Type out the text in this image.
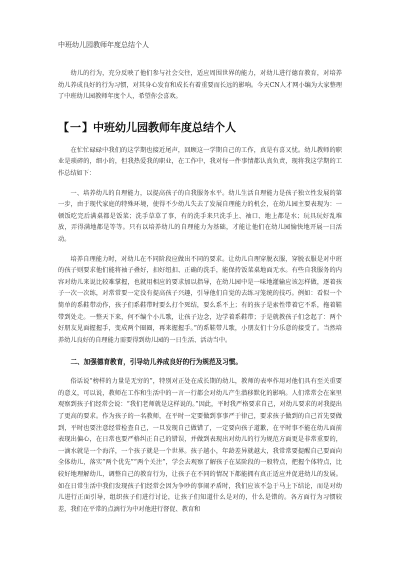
中班幼儿园教师年度总结个人

幼儿的行为，充分反映了他们参与社会交往，适应周围世界的能力，对幼儿进行德育教育，对培养幼儿养成良好的行为习惯，对其身心发育和成长有着重要而长远的影响。今天CN人才网小编为大家整理了中班幼儿园教师年度个人，希望你会喜欢。

【 一 】 中班幼儿园教师年度总结个人

在忙忙碌碌中我们的这学期也接近尾声，回顾这一学期自己的工作，真是有喜又忧。幼儿教师的职业是琐碎的，细小的，但我热爱我的职业，在工作中，我对每一件事情都认真负责，现将我这学期的工作总结如下：

一、培养幼儿的自理能力，以提高孩子的自我服务水平。幼儿生活自理能力是孩子独立性发展的第一步，由于现代家庭的特殊环境，使得不少幼儿失去了发展自理能力的机会，在幼儿园主要表现为：一顿饭吃完后满桌都是饭菜；洗手草草了事，有的洗手来只洗手上、袖口、地上都是水；玩具玩好乱堆放，弄得满地都是等等。只有以培养幼儿的自理能力为基础，才能让他们在幼儿园愉快地开展一日活动。

培养自理能力时，对幼儿在不同阶段应做出不同的要求。让幼儿自理穿脱衣服，穿脱衣服是对中班的孩子则要求他们能将袖子叠好，扣好纽扣、正确的洗手，能保持饭菜桌地面无水。有些自我服务的内容对幼儿来说比较难掌握，也就用相应的要求加以指导，在幼儿园中是一味地灌输应该怎样做，逐着孩子一次一次练，对常常要一定没有提高孩子兴趣，引导他们自觉的去练习笼统的技巧。例如：看似一个简单的系鞋带动作，孩子们系鞋带时要么打个死结，要么系不上；有的孩子是索性带着它不系，拖着鞋带到处走。一整天下来，何不编个小儿歌，让孩子边念，边学着系鞋带；于是就教孩子们念起了：两个好朋友见面握握手，变成两个圈圈，再来握握手。”的系鞋带儿歌，小朋友们十分乐意的接受了。当然培养幼儿良好的自理能力需要得到幼儿园的一日生活、活动当中。

二、加强德育教育，引导幼儿养成良好的行为规范及习惯。

俗话说“榜样的力量是无穷的”，特别对正处在成长期的幼儿，教师的表率作用对他们具有至关重要的意义，可以说，教师在工作和生活中的一言一行都会对幼儿产生潜移默化的影响。人们常常会在案里观察到孩子们经常会说：“我们老师就是这样说的。”因此，平时我严格要求自己，对幼儿要求的对我提出了更高的要求。作为孩子的一名教师，在平时一定要做到事事严于律己，要求孩子做到的自己首先要做到，平时也要注意经常检查自己，一旦发现自己做错了，一定要向孩子道歉，在平时事不能在幼儿面前表现出偏心，在日常也要严格纠正自己的错误，并做到表现出对幼儿的行为规范方面更是非常重要的，一滴水就是一个海洋，一个孩子就是一个世界。孩子越小，年龄差异就越大，我常常要提醒自己要面向全体幼儿，落实“两个优先”“两个关注”，学会去观察了解孩子在某阶段的一般特点，把握个体特点，比较好地理解幼儿，调整自己的教育行为，让孩子在不同的情况下都能拥有真正适应并促进幼儿的发展。如在日常生活中我们发现孩子们经常会因为争吵的事闹矛盾时，我们应该不急于马上下结论，而是对幼儿进行正面引导，组织孩子们进行讨论，让孩子们知道什么是对的，什么是错的。各方面行为习惯较差，我们在平常的点滴行为中对他进行督促、教育和
